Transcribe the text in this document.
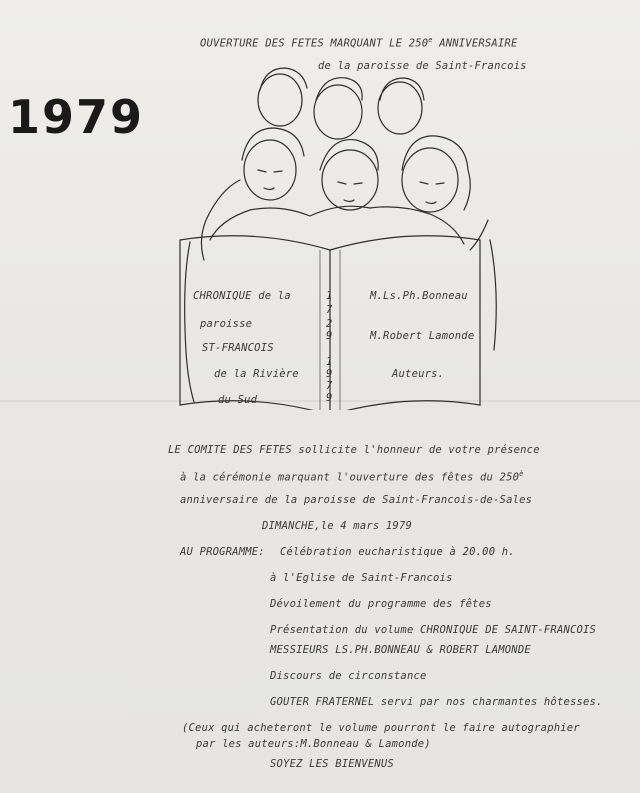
OUVERTURE DES FETES MARQUANT LE 250e ANNIVERSAIRE
de la paroisse de Saint-Francois
1979
CHRONIQUE de la
paroisse
ST-FRANCOIS
de la Rivière
du Sud
1
7
2
9
1
9
7
9
M.Ls.Ph.Bonneau
M.Robert Lamonde
Auteurs.
LE COMITE DES FETES sollicite l'honneur de votre présence
à la cérémonie marquant l'ouverture des fêtes du $250^è$
anniversaire de la paroisse de Saint-Francois-de-Sales
DIMANCHE,le 4 mars 1979
AU PROGRAMME: Célébration eucharistique à 20.00 h.
à l'Eglise de Saint-Francois
Dévoilement du programme des fêtes
Présentation du volume CHRONIQUE DE SAINT-FRANCOIS
MESSIEURS LS.PH.BONNEAU & ROBERT LAMONDE
Discours de circonstance
GOUTER FRATERNEL servi par nos charmantes hôtesses.
(Ceux qui acheteront le volume pourront le faire autographier
par les auteurs:M.Bonneau & Lamonde)
SOYEZ LES BIENVENUS
